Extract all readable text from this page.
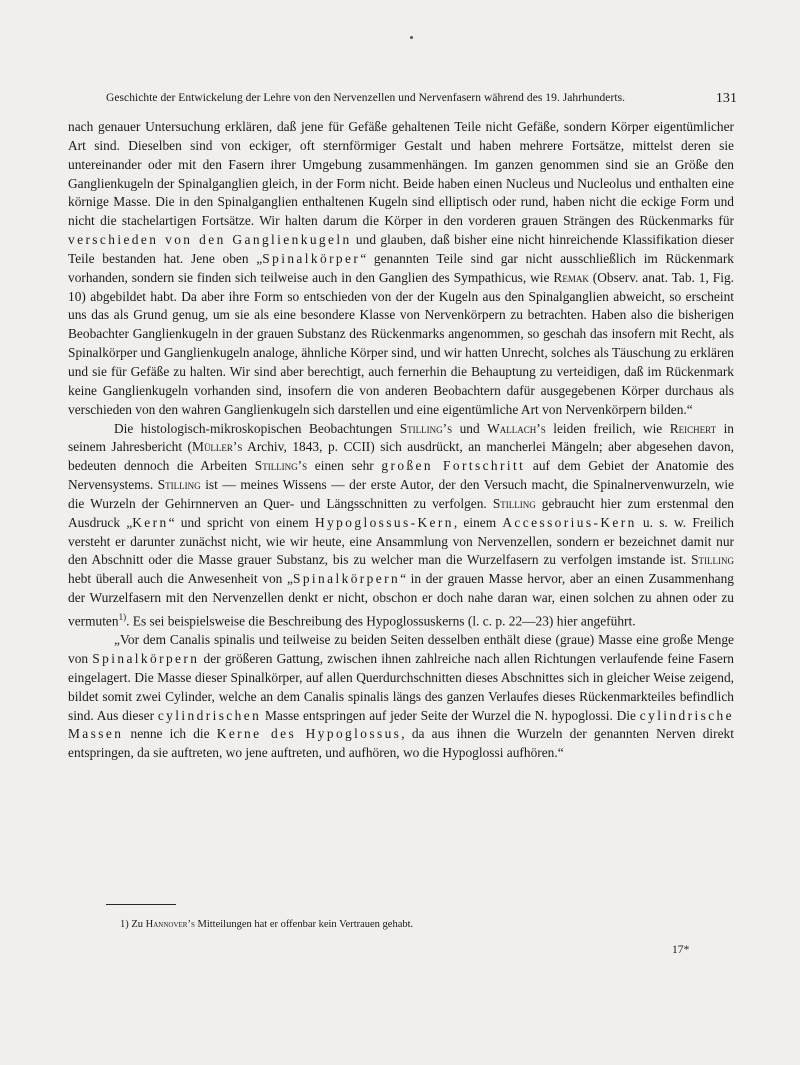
Geschichte der Entwickelung der Lehre von den Nervenzellen und Nervenfasern während des 19. Jahrhunderts.	131

nach genauer Untersuchung erklären, daß jene für Gefäße gehaltenen Teile nicht Gefäße, sondern Körper eigentümlicher Art sind. Dieselben sind von eckiger, oft sternförmiger Gestalt und haben mehrere Fortsätze, mittelst deren sie untereinander oder mit den Fasern ihrer Umgebung zusammenhängen. Im ganzen genommen sind sie an Größe den Ganglienkugeln der Spinalganglien gleich, in der Form nicht. Beide haben einen Nucleus und Nucleolus und enthalten eine körnige Masse. Die in den Spinalganglien enthaltenen Kugeln sind elliptisch oder rund, haben nicht die eckige Form und nicht die stachelartigen Fortsätze. Wir halten darum die Körper in den vorderen grauen Strängen des Rückenmarks für verschieden von den Ganglienkugeln und glauben, daß bisher eine nicht hinreichende Klassifikation dieser Teile bestanden hat. Jene oben „Spinalkörper“ genannten Teile sind gar nicht ausschließlich im Rückenmark vorhanden, sondern sie finden sich teilweise auch in den Ganglien des Sympathicus, wie Remak (Observ. anat. Tab. 1, Fig. 10) abgebildet habt. Da aber ihre Form so entschieden von der der Kugeln aus den Spinalganglien abweicht, so erscheint uns das als Grund genug, um sie als eine besondere Klasse von Nervenkörpern zu betrachten. Haben also die bisherigen Beobachter Ganglienkugeln in der grauen Substanz des Rückenmarks angenommen, so geschah das insofern mit Recht, als Spinalkörper und Ganglienkugeln analoge, ähnliche Körper sind, und wir hatten Unrecht, solches als Täuschung zu erklären und sie für Gefäße zu halten. Wir sind aber berechtigt, auch fernerhin die Behauptung zu verteidigen, daß im Rückenmark keine Ganglienkugeln vorhanden sind, insofern die von anderen Beobachtern dafür ausgegebenen Körper durchaus als verschieden von den wahren Ganglienkugeln sich darstellen und eine eigentümliche Art von Nervenkörpern bilden.“

Die histologisch-mikroskopischen Beobachtungen Stilling’s und Wallach’s leiden freilich, wie Reichert in seinem Jahresbericht (Müller’s Archiv, 1843, p. CCII) sich ausdrückt, an mancherlei Mängeln; aber abgesehen davon, bedeuten dennoch die Arbeiten Stilling’s einen sehr großen Fortschritt auf dem Gebiet der Anatomie des Nervensystems. Stilling ist — meines Wissens — der erste Autor, der den Versuch macht, die Spinalnervenwurzeln, wie die Wurzeln der Gehirnnerven an Quer- und Längsschnitten zu verfolgen. Stilling gebraucht hier zum erstenmal den Ausdruck „Kern“ und spricht von einem Hypoglossus-Kern, einem Accessorius-Kern u. s. w. Freilich versteht er darunter zunächst nicht, wie wir heute, eine Ansammlung von Nervenzellen, sondern er bezeichnet damit nur den Abschnitt oder die Masse grauer Substanz, bis zu welcher man die Wurzelfasern zu verfolgen imstande ist. Stilling hebt überall auch die Anwesenheit von „Spinalkörpern“ in der grauen Masse hervor, aber an einen Zusammenhang der Wurzelfasern mit den Nervenzellen denkt er nicht, obschon er doch nahe daran war, einen solchen zu ahnen oder zu vermuten$^{1)}$. Es sei beispielsweise die Beschreibung des Hypoglossuskerns (l. c. p. 22—23) hier angeführt.

„Vor dem Canalis spinalis und teilweise zu beiden Seiten desselben enthält diese (graue) Masse eine große Menge von Spinalkörpern der größeren Gattung, zwischen ihnen zahlreiche nach allen Richtungen verlaufende feine Fasern eingelagert. Die Masse dieser Spinalkörper, auf allen Querdurchschnitten dieses Abschnittes sich in gleicher Weise zeigend, bildet somit zwei Cylinder, welche an dem Canalis spinalis längs des ganzen Verlaufes dieses Rückenmarkteiles befindlich sind. Aus dieser cylindrischen Masse entspringen auf jeder Seite der Wurzel die N. hypoglossi. Die cylindrische Massen nenne ich die Kerne des Hypoglossus, da aus ihnen die Wurzeln der genannten Nerven direkt entspringen, da sie auftreten, wo jene auftreten, und aufhören, wo die Hypoglossi aufhören.“

1) Zu Hannover’s Mitteilungen hat er offenbar kein Vertrauen gehabt.
17*
